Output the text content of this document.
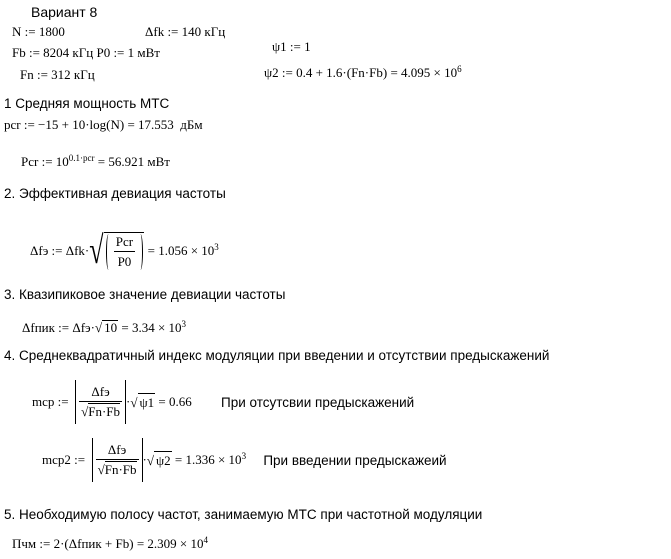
Вариант 8
N := 1800	Δfk := 140 кГц
Fb := 8204 кГц P0 := 1 мВт	ψ1 := 1
Fn := 312 кГц	ψ2 := $0.4 + 1.6\cdot(Fn\cdot Fb) = 4.095 \times 10^6$
1 Средняя мощность МТС
pcr := −15 + 10·log(N) = 17.553 дБм
Pcr := $10^{0.1\cdot pcr} = 56.921$ мВт
2. Эффективная девиация частоты
Δfэ := $\Delta fk\cdot√ \frac{\text{Pcr}}{P0} = 1.056 \times 10^3$
3. Квазипиковое значение девиации частоты
Δfпик := Δfэ·√ $10 = 3.34 \times 10^3$
4. Среднеквадратичный индекс модуляции при введении и отсутствии предыскажений
mcp := $\frac{\text{Δfэ}}{√Fn\cdot Fb}$ ·√ ψ1 = 0.66 При отсутсвии предыскажений
mcp2 := $\frac{\text{Δfэ}}{√Fn\cdot Fb}$ ·√ $\psi 2 = 1.336 \times 10^3$ При введении предыскажеий
5. Необходимую полосу частот, занимаемую МТС при частотной модуляции
Пчм := 2·(Δfпик + $Fb) = 2.309 \times 10^4$
